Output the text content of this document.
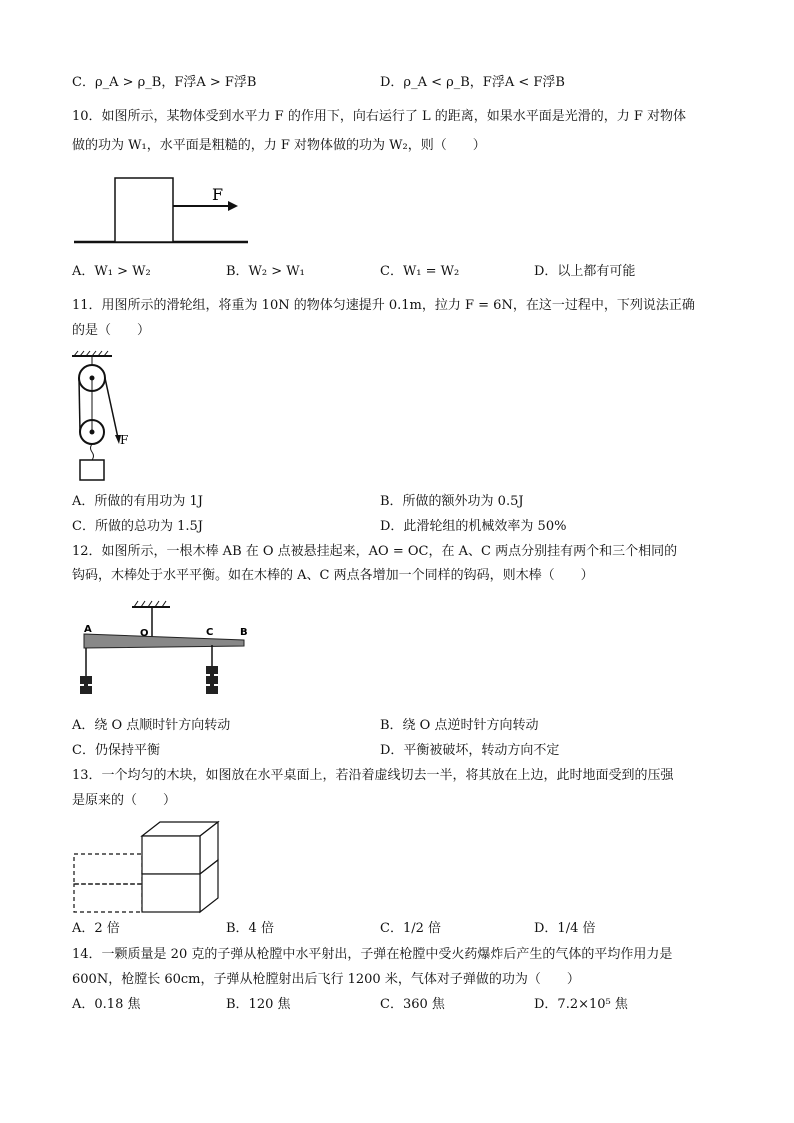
C．ρ_A > ρ_B，F浮A > F浮B	D．ρ_A < ρ_B，F浮A < F浮B
10．如图所示，某物体受到水平力 F 的作用下，向右运行了 L 的距离，如果水平面是光滑的，力 F 对物体
做的功为 W₁，水平面是粗糙的，力 F 对物体做的功为 W₂，则（　　）
F
A．W₁ > W₂	B．W₂ > W₁	C．W₁ = W₂	D．以上都有可能
11．用图所示的滑轮组，将重为 10N 的物体匀速提升 0.1m，拉力 F = 6N，在这一过程中，下列说法正确
的是（　　）
F
A．所做的有用功为 1J	B．所做的额外功为 0.5J
C．所做的总功为 1.5J	D．此滑轮组的机械效率为 50%
12．如图所示，一根木棒 AB 在 O 点被悬挂起来，AO = OC，在 A、C 两点分别挂有两个和三个相同的
钩码，木棒处于水平平衡。如在木棒的 A、C 两点各增加一个同样的钩码，则木棒（　　）
A	O	C	B
A．绕 O 点顺时针方向转动	B．绕 O 点逆时针方向转动
C．仍保持平衡	D．平衡被破坏，转动方向不定
13．一个均匀的木块，如图放在水平桌面上，若沿着虚线切去一半，将其放在上边，此时地面受到的压强
是原来的（　　）
A．2 倍	B．4 倍	C．1/2 倍	D．1/4 倍
14．一颗质量是 20 克的子弹从枪膛中水平射出，子弹在枪膛中受火药爆炸后产生的气体的平均作用力是
600N，枪膛长 60cm，子弹从枪膛射出后飞行 1200 米，气体对子弹做的功为（　　）
A．0.18 焦	B．120 焦	C．360 焦	D．7.2×10⁵ 焦
